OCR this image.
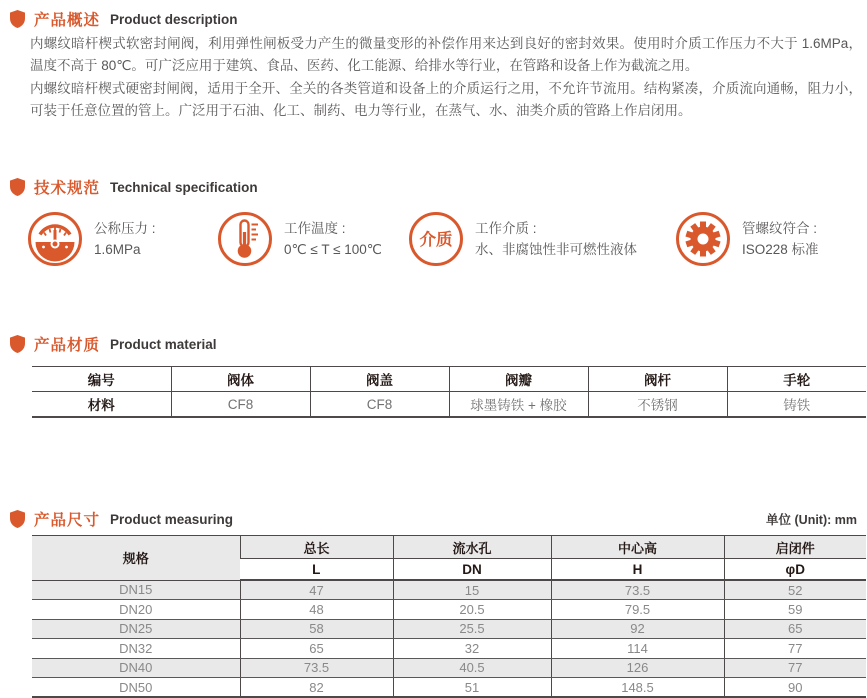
产品概述 Product description

内螺纹暗杆楔式软密封闸阀，利用弹性闸板受力产生的微量变形的补偿作用来达到良好的密封效果。使用时介质工作压力不大于 1.6MPa，温度不高于 80℃。可广泛应用于建筑、食品、医药、化工能源、给排水等行业，在管路和设备上作为截流之用。

内螺纹暗杆楔式硬密封闸阀，适用于全开、全关的各类管道和设备上的介质运行之用，不允许节流用。结构紧凑，介质流向通畅，阻力小，可装于任意位置的管上。广泛用于石油、化工、制药、电力等行业，在蒸气、水、油类介质的管路上作启闭用。

技术规范 Technical specification
公称压力 :
1.6MPa
工作温度 :
0℃ ≤ T ≤ 100℃
介质
工作介质 :
水、非腐蚀性非可燃性液体
管螺纹符合 :
ISO228 标准
产品材质 Product material
编号	阀体	阀盖	阀瓣	阀杆	手轮
材料	CF8	CF8	球墨铸铁 + 橡胶	不锈钢	铸铁
产品尺寸 Product measuring	单位 (Unit): mm
规格	总长	流水孔	中心高	启闭件
	L	DN	H	φD
DN15	47	15	73.5	52
DN20	48	20.5	79.5	59
DN25	58	25.5	92	65
DN32	65	32	114	77
DN40	73.5	40.5	126	77
DN50	82	51	148.5	90
